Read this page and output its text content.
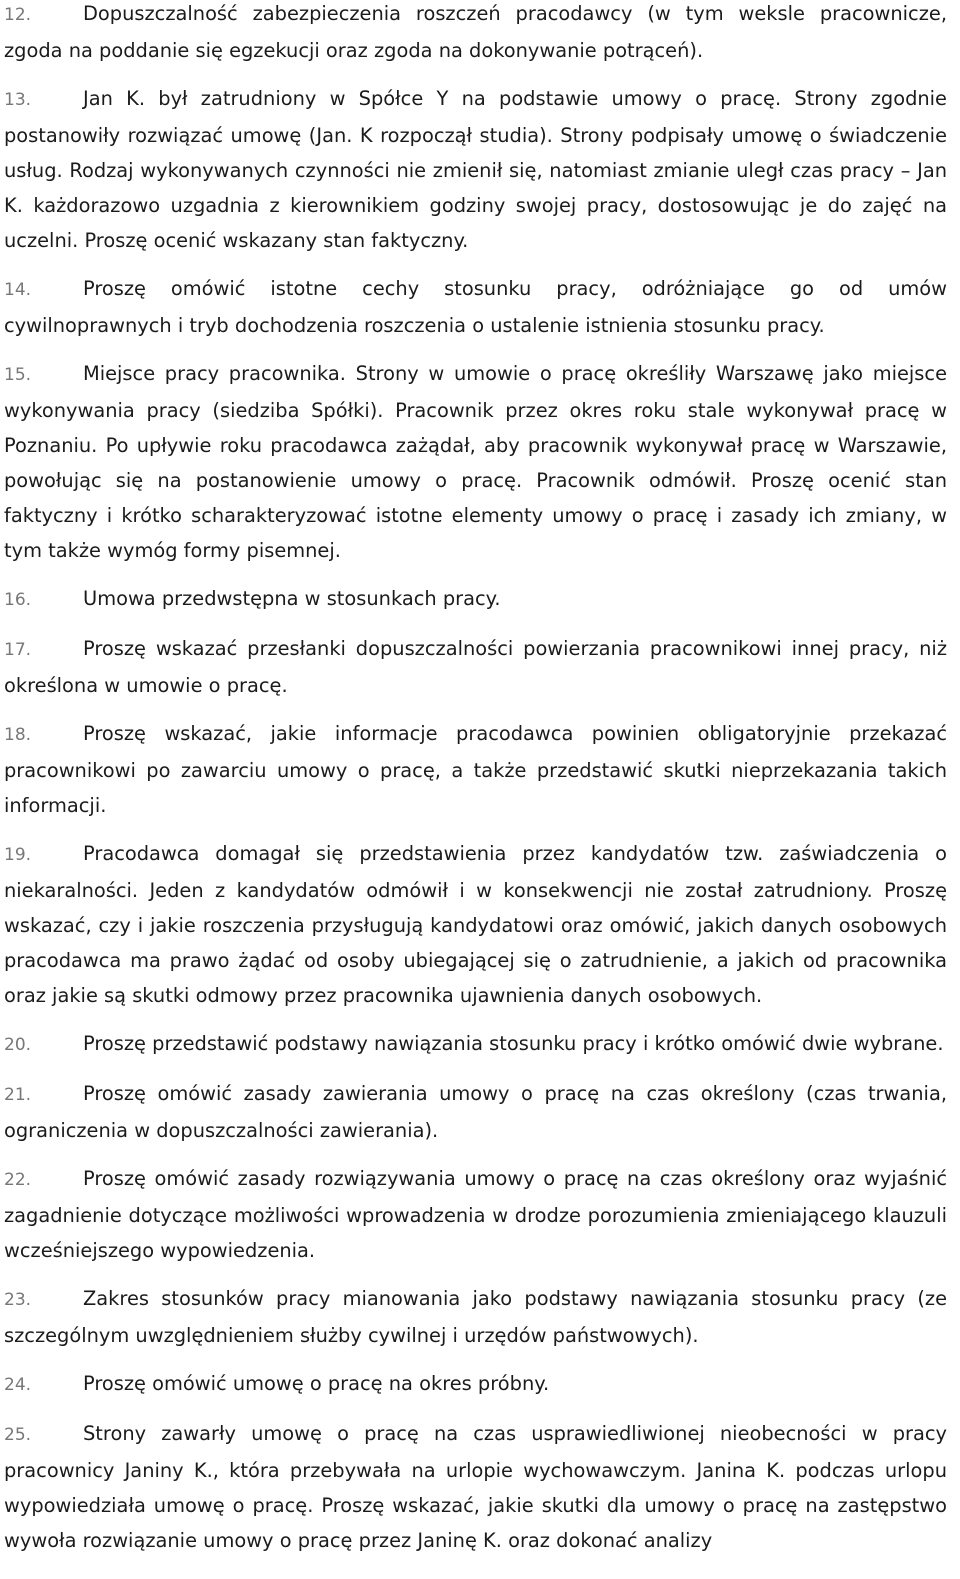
12.	Dopuszczalność zabezpieczenia roszczeń pracodawcy (w tym weksle pracownicze, zgoda na poddanie się egzekucji oraz zgoda na dokonywanie potrąceń).

13.	Jan K. był zatrudniony w Spółce Y na podstawie umowy o pracę. Strony zgodnie postanowiły rozwiązać umowę (Jan. K rozpoczął studia). Strony podpisały umowę o świadczenie usług. Rodzaj wykonywanych czynności nie zmienił się, natomiast zmianie uległ czas pracy – Jan K. każdorazowo uzgadnia z kierownikiem godziny swojej pracy, dostosowując je do zajęć na uczelni. Proszę ocenić wskazany stan faktyczny.

14.	Proszę omówić istotne cechy stosunku pracy, odróżniające go od umów cywilnoprawnych i tryb dochodzenia roszczenia o ustalenie istnienia stosunku pracy.

15.	Miejsce pracy pracownika. Strony w umowie o pracę określiły Warszawę jako miejsce wykonywania pracy (siedziba Spółki). Pracownik przez okres roku stale wykonywał pracę w Poznaniu. Po upływie roku pracodawca zażądał, aby pracownik wykonywał pracę w Warszawie, powołując się na postanowienie umowy o pracę. Pracownik odmówił. Proszę ocenić stan faktyczny i krótko scharakteryzować istotne elementy umowy o pracę i zasady ich zmiany, w tym także wymóg formy pisemnej.

16.	Umowa przedwstępna w stosunkach pracy.

17.	Proszę wskazać przesłanki dopuszczalności powierzania pracownikowi innej pracy, niż określona w umowie o pracę.

18.	Proszę wskazać, jakie informacje pracodawca powinien obligatoryjnie przekazać pracownikowi po zawarciu umowy o pracę, a także przedstawić skutki nieprzekazania takich informacji.

19.	Pracodawca domagał się przedstawienia przez kandydatów tzw. zaświadczenia o niekaralności. Jeden z kandydatów odmówił i w konsekwencji nie został zatrudniony. Proszę wskazać, czy i jakie roszczenia przysługują kandydatowi oraz omówić, jakich danych osobowych pracodawca ma prawo żądać od osoby ubiegającej się o zatrudnienie, a jakich od pracownika oraz jakie są skutki odmowy przez pracownika ujawnienia danych osobowych.

20.	Proszę przedstawić podstawy nawiązania stosunku pracy i krótko omówić dwie wybrane.

21.	Proszę omówić zasady zawierania umowy o pracę na czas określony (czas trwania, ograniczenia w dopuszczalności zawierania).

22.	Proszę omówić zasady rozwiązywania umowy o pracę na czas określony oraz wyjaśnić zagadnienie dotyczące możliwości wprowadzenia w drodze porozumienia zmieniającego klauzuli wcześniejszego wypowiedzenia.

23.	Zakres stosunków pracy mianowania jako podstawy nawiązania stosunku pracy (ze szczególnym uwzględnieniem służby cywilnej i urzędów państwowych).

24.	Proszę omówić umowę o pracę na okres próbny.

25.	Strony zawarły umowę o pracę na czas usprawiedliwionej nieobecności w pracy pracownicy Janiny K., która przebywała na urlopie wychowawczym. Janina K. podczas urlopu wypowiedziała umowę o pracę. Proszę wskazać, jakie skutki dla umowy o pracę na zastępstwo wywoła rozwiązanie umowy o pracę przez Janinę K. oraz dokonać analizy
